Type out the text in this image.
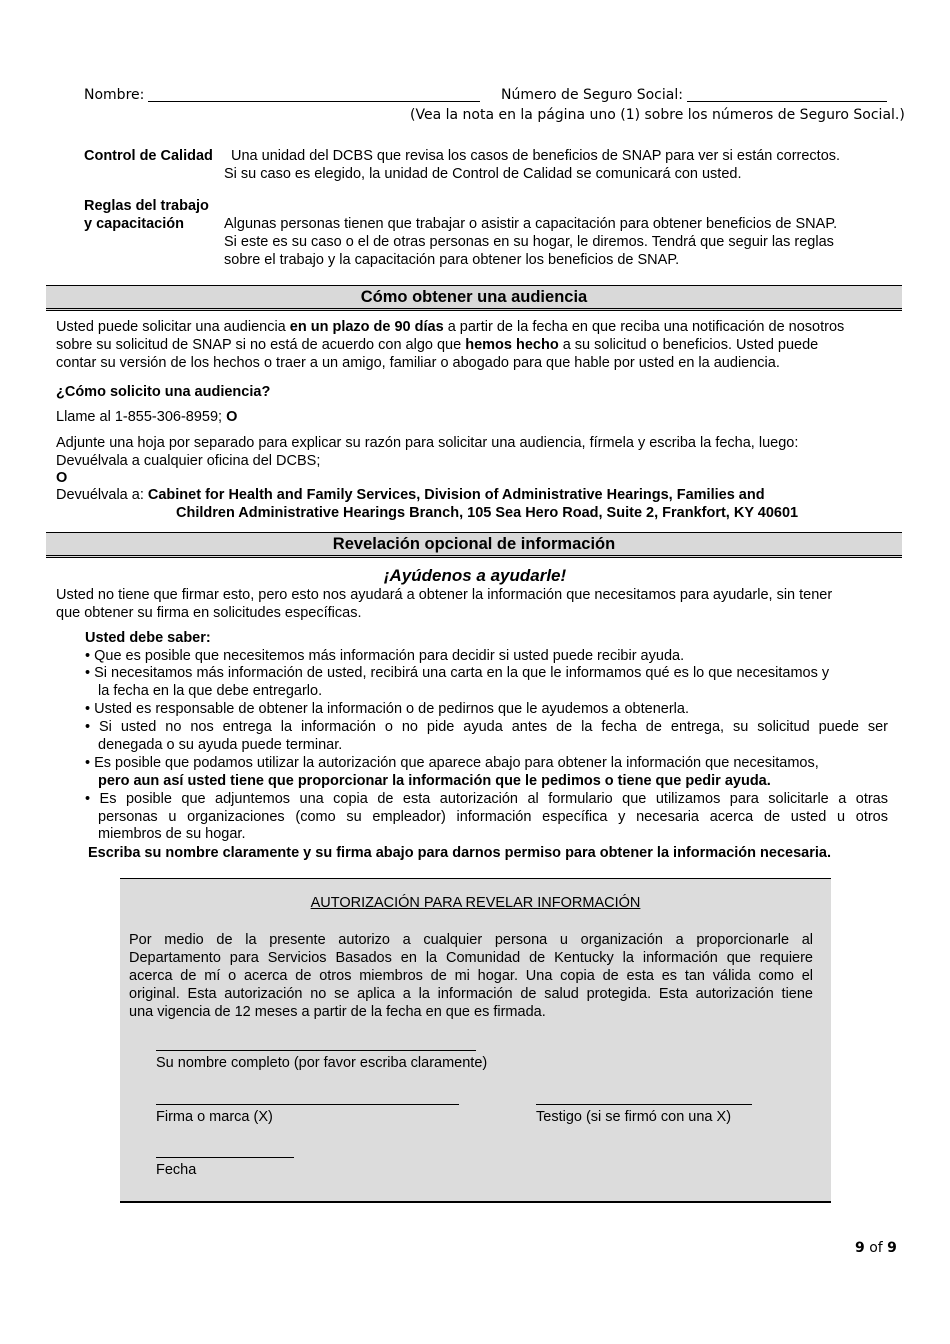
Nombre:	Número de Seguro Social:
(Vea la nota en la página uno (1) sobre los números de Seguro Social.)
Control de Calidad Una unidad del DCBS que revisa los casos de beneficios de SNAP para ver si están correctos.
Si su caso es elegido, la unidad de Control de Calidad se comunicará con usted.
Reglas del trabajo
y capacitación	Algunas personas tienen que trabajar o asistir a capacitación para obtener beneficios de SNAP.
Si este es su caso o el de otras personas en su hogar, le diremos. Tendrá que seguir las reglas
sobre el trabajo y la capacitación para obtener los beneficios de SNAP.
Cómo obtener una audiencia
Usted puede solicitar una audiencia en un plazo de 90 días a partir de la fecha en que reciba una notificación de nosotros
sobre su solicitud de SNAP si no está de acuerdo con algo que hemos hecho a su solicitud o beneficios. Usted puede
contar su versión de los hechos o traer a un amigo, familiar o abogado para que hable por usted en la audiencia.
¿Cómo solicito una audiencia?
Llame al 1-855-306-8959; O
Adjunte una hoja por separado para explicar su razón para solicitar una audiencia, fírmela y escriba la fecha, luego:
Devuélvala a cualquier oficina del DCBS;
O
Devuélvala a: Cabinet for Health and Family Services, Division of Administrative Hearings, Families and
Children Administrative Hearings Branch, 105 Sea Hero Road, Suite 2, Frankfort, KY 40601
Revelación opcional de información
¡Ayúdenos a ayudarle!
Usted no tiene que firmar esto, pero esto nos ayudará a obtener la información que necesitamos para ayudarle, sin tener
que obtener su firma en solicitudes específicas.
Usted debe saber:
• Que es posible que necesitemos más información para decidir si usted puede recibir ayuda.
• Si necesitamos más información de usted, recibirá una carta en la que le informamos qué es lo que necesitamos y
la fecha en la que debe entregarlo.
• Usted es responsable de obtener la información o de pedirnos que le ayudemos a obtenerla.
• Si usted no nos entrega la información o no pide ayuda antes de la fecha de entrega, su solicitud puede ser
denegada o su ayuda puede terminar.
• Es posible que podamos utilizar la autorización que aparece abajo para obtener la información que necesitamos,
pero aun así usted tiene que proporcionar la información que le pedimos o tiene que pedir ayuda.
• Es posible que adjuntemos una copia de esta autorización al formulario que utilizamos para solicitarle a otras
personas u organizaciones (como su empleador) información específica y necesaria acerca de usted u otros
miembros de su hogar.
Escriba su nombre claramente y su firma abajo para darnos permiso para obtener la información necesaria.
AUTORIZACIÓN PARA REVELAR INFORMACIÓN
Por medio de la presente autorizo a cualquier persona u organización a proporcionarle al
Departamento para Servicios Basados en la Comunidad de Kentucky la información que requiere
acerca de mí o acerca de otros miembros de mi hogar. Una copia de esta es tan válida como el
original. Esta autorización no se aplica a la información de salud protegida. Esta autorización tiene
una vigencia de 12 meses a partir de la fecha en que es firmada.
Su nombre completo (por favor escriba claramente)
Firma o marca (X)	Testigo (si se firmó con una X)
Fecha
9 of 9
